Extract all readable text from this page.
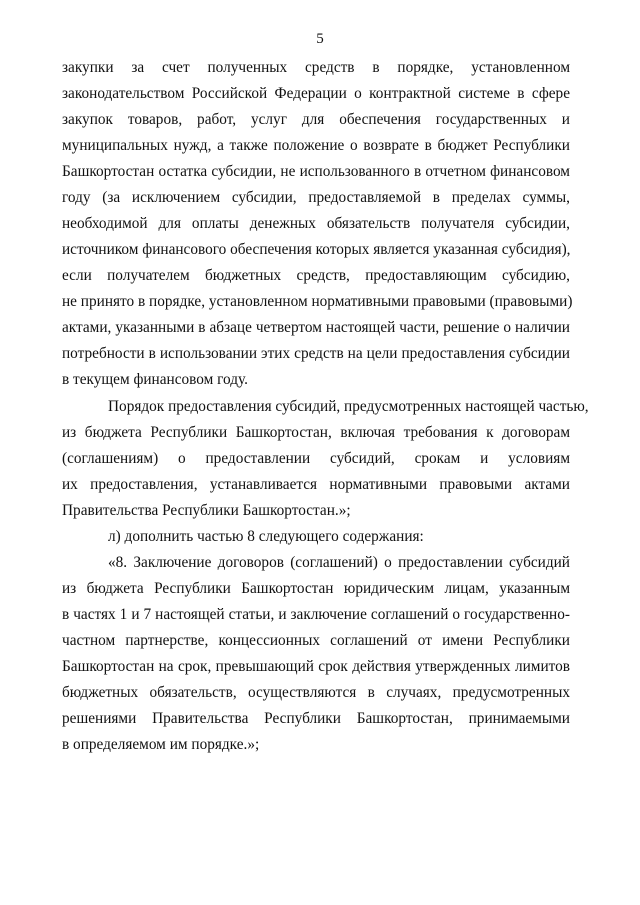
5
закупки за счет полученных средств в порядке, установленном
законодательством Российской Федерации о контрактной системе в сфере
закупок товаров, работ, услуг для обеспечения государственных и
муниципальных нужд, а также положение о возврате в бюджет Республики
Башкортостан остатка субсидии, не использованного в отчетном финансовом
году (за исключением субсидии, предоставляемой в пределах суммы,
необходимой для оплаты денежных обязательств получателя субсидии,
источником финансового обеспечения которых является указанная субсидия),
если получателем бюджетных средств, предоставляющим субсидию,
не принято в порядке, установленном нормативными правовыми (правовыми)
актами, указанными в абзаце четвертом настоящей части, решение о наличии
потребности в использовании этих средств на цели предоставления субсидии
в текущем финансовом году.
Порядок предоставления субсидий, предусмотренных настоящей частью,
из бюджета Республики Башкортостан, включая требования к договорам
(соглашениям) о предоставлении субсидий, срокам и условиям
их предоставления, устанавливается нормативными правовыми актами
Правительства Республики Башкортостан.»;
л) дополнить частью 8 следующего содержания:
«8. Заключение договоров (соглашений) о предоставлении субсидий
из бюджета Республики Башкортостан юридическим лицам, указанным
в частях 1 и 7 настоящей статьи, и заключение соглашений о государственно-
частном партнерстве, концессионных соглашений от имени Республики
Башкортостан на срок, превышающий срок действия утвержденных лимитов
бюджетных обязательств, осуществляются в случаях, предусмотренных
решениями Правительства Республики Башкортостан, принимаемыми
в определяемом им порядке.»;
